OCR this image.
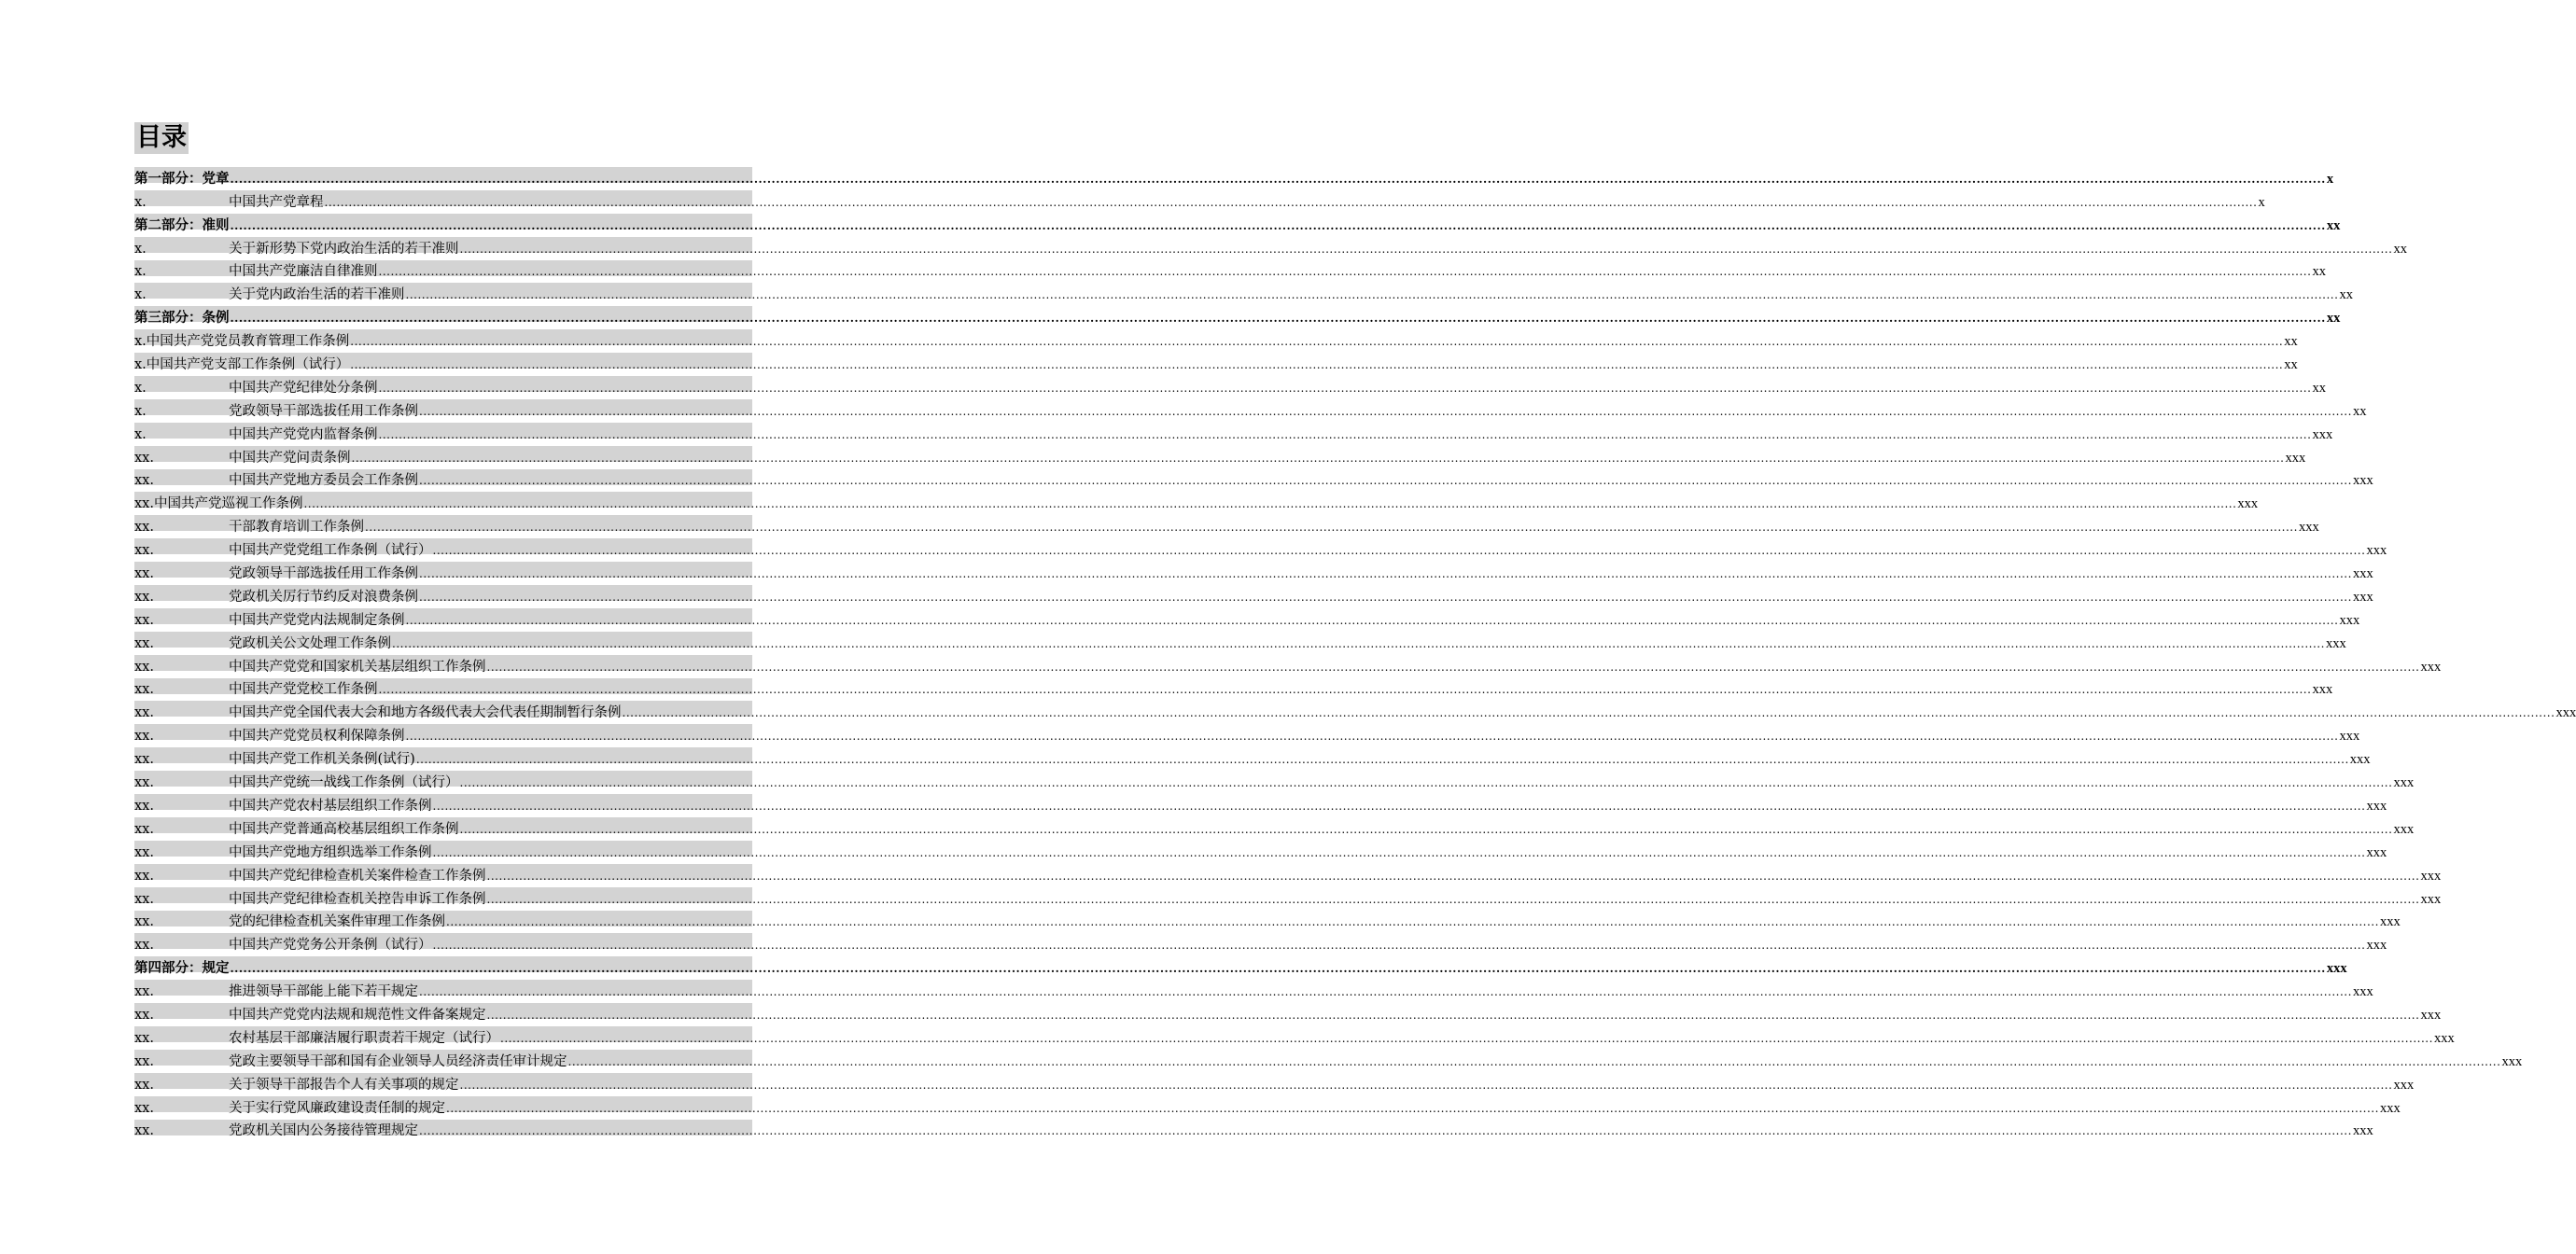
目录
第一部分：党章 ................................................................................................................................................................................................................................................................................................................................................................................................................................................................................................ x
x.	中国共产党章程 ................................................................................................................................................................................................................................................................................................................................................................................................................................................................................................ x
第二部分：准则 ................................................................................................................................................................................................................................................................................................................................................................................................................................................................................................ xx
x.	关于新形势下党内政治生活的若干准则 ................................................................................................................................................................................................................................................................................................................................................................................................................................................................................................ xx
x.	中国共产党廉洁自律准则 ................................................................................................................................................................................................................................................................................................................................................................................................................................................................................................ xx
x.	关于党内政治生活的若干准则 ................................................................................................................................................................................................................................................................................................................................................................................................................................................................................................ xx
第三部分：条例 ................................................................................................................................................................................................................................................................................................................................................................................................................................................................................................ xx
x.中国共产党党员教育管理工作条例 ................................................................................................................................................................................................................................................................................................................................................................................................................................................................................................ xx
x.中国共产党支部工作条例（试行） ................................................................................................................................................................................................................................................................................................................................................................................................................................................................................................ xx
x.	中国共产党纪律处分条例 ................................................................................................................................................................................................................................................................................................................................................................................................................................................................................................ xx
x.	党政领导干部选拔任用工作条例 ................................................................................................................................................................................................................................................................................................................................................................................................................................................................................................ xx
x.	中国共产党党内监督条例 ................................................................................................................................................................................................................................................................................................................................................................................................................................................................................................ xxx
xx.	中国共产党问责条例 ................................................................................................................................................................................................................................................................................................................................................................................................................................................................................................ xxx
xx.	中国共产党地方委员会工作条例 ................................................................................................................................................................................................................................................................................................................................................................................................................................................................................................ xxx
xx.中国共产党巡视工作条例 ................................................................................................................................................................................................................................................................................................................................................................................................................................................................................................ xxx
xx.	干部教育培训工作条例 ................................................................................................................................................................................................................................................................................................................................................................................................................................................................................................ xxx
xx.	中国共产党党组工作条例（试行） ................................................................................................................................................................................................................................................................................................................................................................................................................................................................................................ xxx
xx.	党政领导干部选拔任用工作条例 ................................................................................................................................................................................................................................................................................................................................................................................................................................................................................................ xxx
xx.	党政机关厉行节约反对浪费条例 ................................................................................................................................................................................................................................................................................................................................................................................................................................................................................................ xxx
xx.	中国共产党党内法规制定条例 ................................................................................................................................................................................................................................................................................................................................................................................................................................................................................................ xxx
xx.	党政机关公文处理工作条例 ................................................................................................................................................................................................................................................................................................................................................................................................................................................................................................ xxx
xx.	中国共产党党和国家机关基层组织工作条例 ................................................................................................................................................................................................................................................................................................................................................................................................................................................................................................ xxx
xx.	中国共产党党校工作条例 ................................................................................................................................................................................................................................................................................................................................................................................................................................................................................................ xxx
xx.	中国共产党全国代表大会和地方各级代表大会代表任期制暂行条例 ................................................................................................................................................................................................................................................................................................................................................................................................................................................................................................ xxx
xx.	中国共产党党员权利保障条例 ................................................................................................................................................................................................................................................................................................................................................................................................................................................................................................ xxx
xx.	中国共产党工作机关条例(试行) ................................................................................................................................................................................................................................................................................................................................................................................................................................................................................................ xxx
xx.	中国共产党统一战线工作条例（试行） ................................................................................................................................................................................................................................................................................................................................................................................................................................................................................................ xxx
xx.	中国共产党农村基层组织工作条例 ................................................................................................................................................................................................................................................................................................................................................................................................................................................................................................ xxx
xx.	中国共产党普通高校基层组织工作条例 ................................................................................................................................................................................................................................................................................................................................................................................................................................................................................................ xxx
xx.	中国共产党地方组织选举工作条例 ................................................................................................................................................................................................................................................................................................................................................................................................................................................................................................ xxx
xx.	中国共产党纪律检查机关案件检查工作条例 ................................................................................................................................................................................................................................................................................................................................................................................................................................................................................................ xxx
xx.	中国共产党纪律检查机关控告申诉工作条例 ................................................................................................................................................................................................................................................................................................................................................................................................................................................................................................ xxx
xx.	党的纪律检查机关案件审理工作条例 ................................................................................................................................................................................................................................................................................................................................................................................................................................................................................................ xxx
xx.	中国共产党党务公开条例（试行） ................................................................................................................................................................................................................................................................................................................................................................................................................................................................................................ xxx
第四部分：规定 ................................................................................................................................................................................................................................................................................................................................................................................................................................................................................................ xxx
xx.	推进领导干部能上能下若干规定 ................................................................................................................................................................................................................................................................................................................................................................................................................................................................................................ xxx
xx.	中国共产党党内法规和规范性文件备案规定 ................................................................................................................................................................................................................................................................................................................................................................................................................................................................................................ xxx
xx.	农村基层干部廉洁履行职责若干规定（试行） ................................................................................................................................................................................................................................................................................................................................................................................................................................................................................................ xxx
xx.	党政主要领导干部和国有企业领导人员经济责任审计规定 ................................................................................................................................................................................................................................................................................................................................................................................................................................................................................................ xxx
xx.	关于领导干部报告个人有关事项的规定 ................................................................................................................................................................................................................................................................................................................................................................................................................................................................................................ xxx
xx.	关于实行党风廉政建设责任制的规定 ................................................................................................................................................................................................................................................................................................................................................................................................................................................................................................ xxx
xx.	党政机关国内公务接待管理规定 ................................................................................................................................................................................................................................................................................................................................................................................................................................................................................................ xxx
